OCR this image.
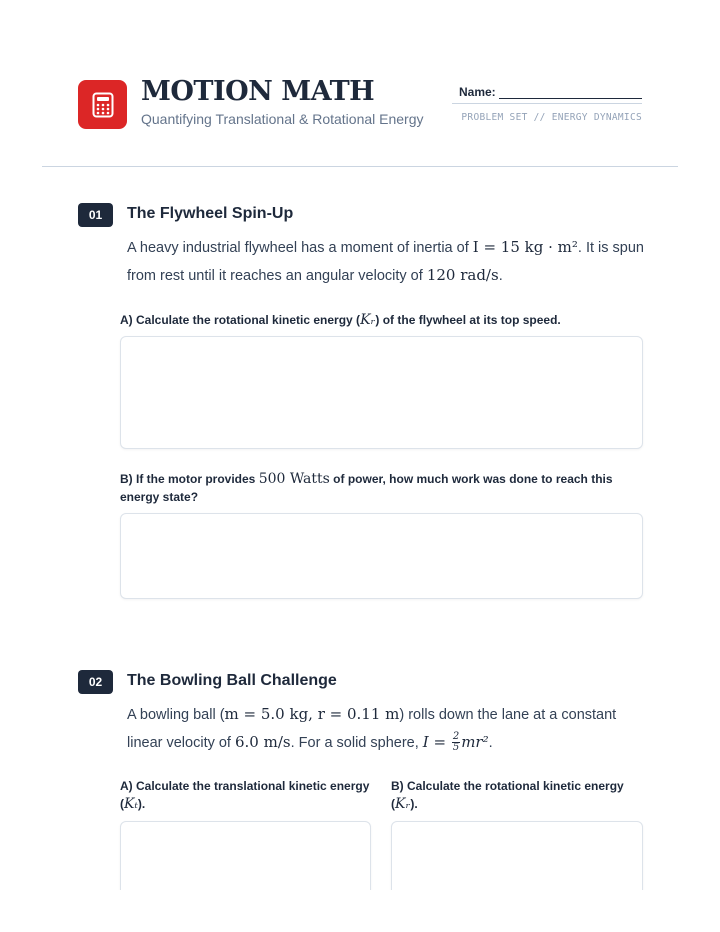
MOTION MATH
Quantifying Translational & Rotational Energy
Name:
PROBLEM SET // ENERGY DYNAMICS
01	The Flywheel Spin-Up
A heavy industrial flywheel has a moment of inertia of I = 15 kg · m². It is spun from rest until it reaches an angular velocity of 120 rad/s.
A) Calculate the rotational kinetic energy (Kᵣ) of the flywheel at its top speed.
B) If the motor provides 500 Watts of power, how much work was done to reach this energy state?
02	The Bowling Ball Challenge
A bowling ball (m = 5.0 kg, r = 0.11 m) rolls down the lane at a constant linear velocity of 6.0 m/s. For a solid sphere, $I = \frac{2}{5} mr^2$.
A) Calculate the translational kinetic energy (Kₜ).
B) Calculate the rotational kinetic energy (Kᵣ).
